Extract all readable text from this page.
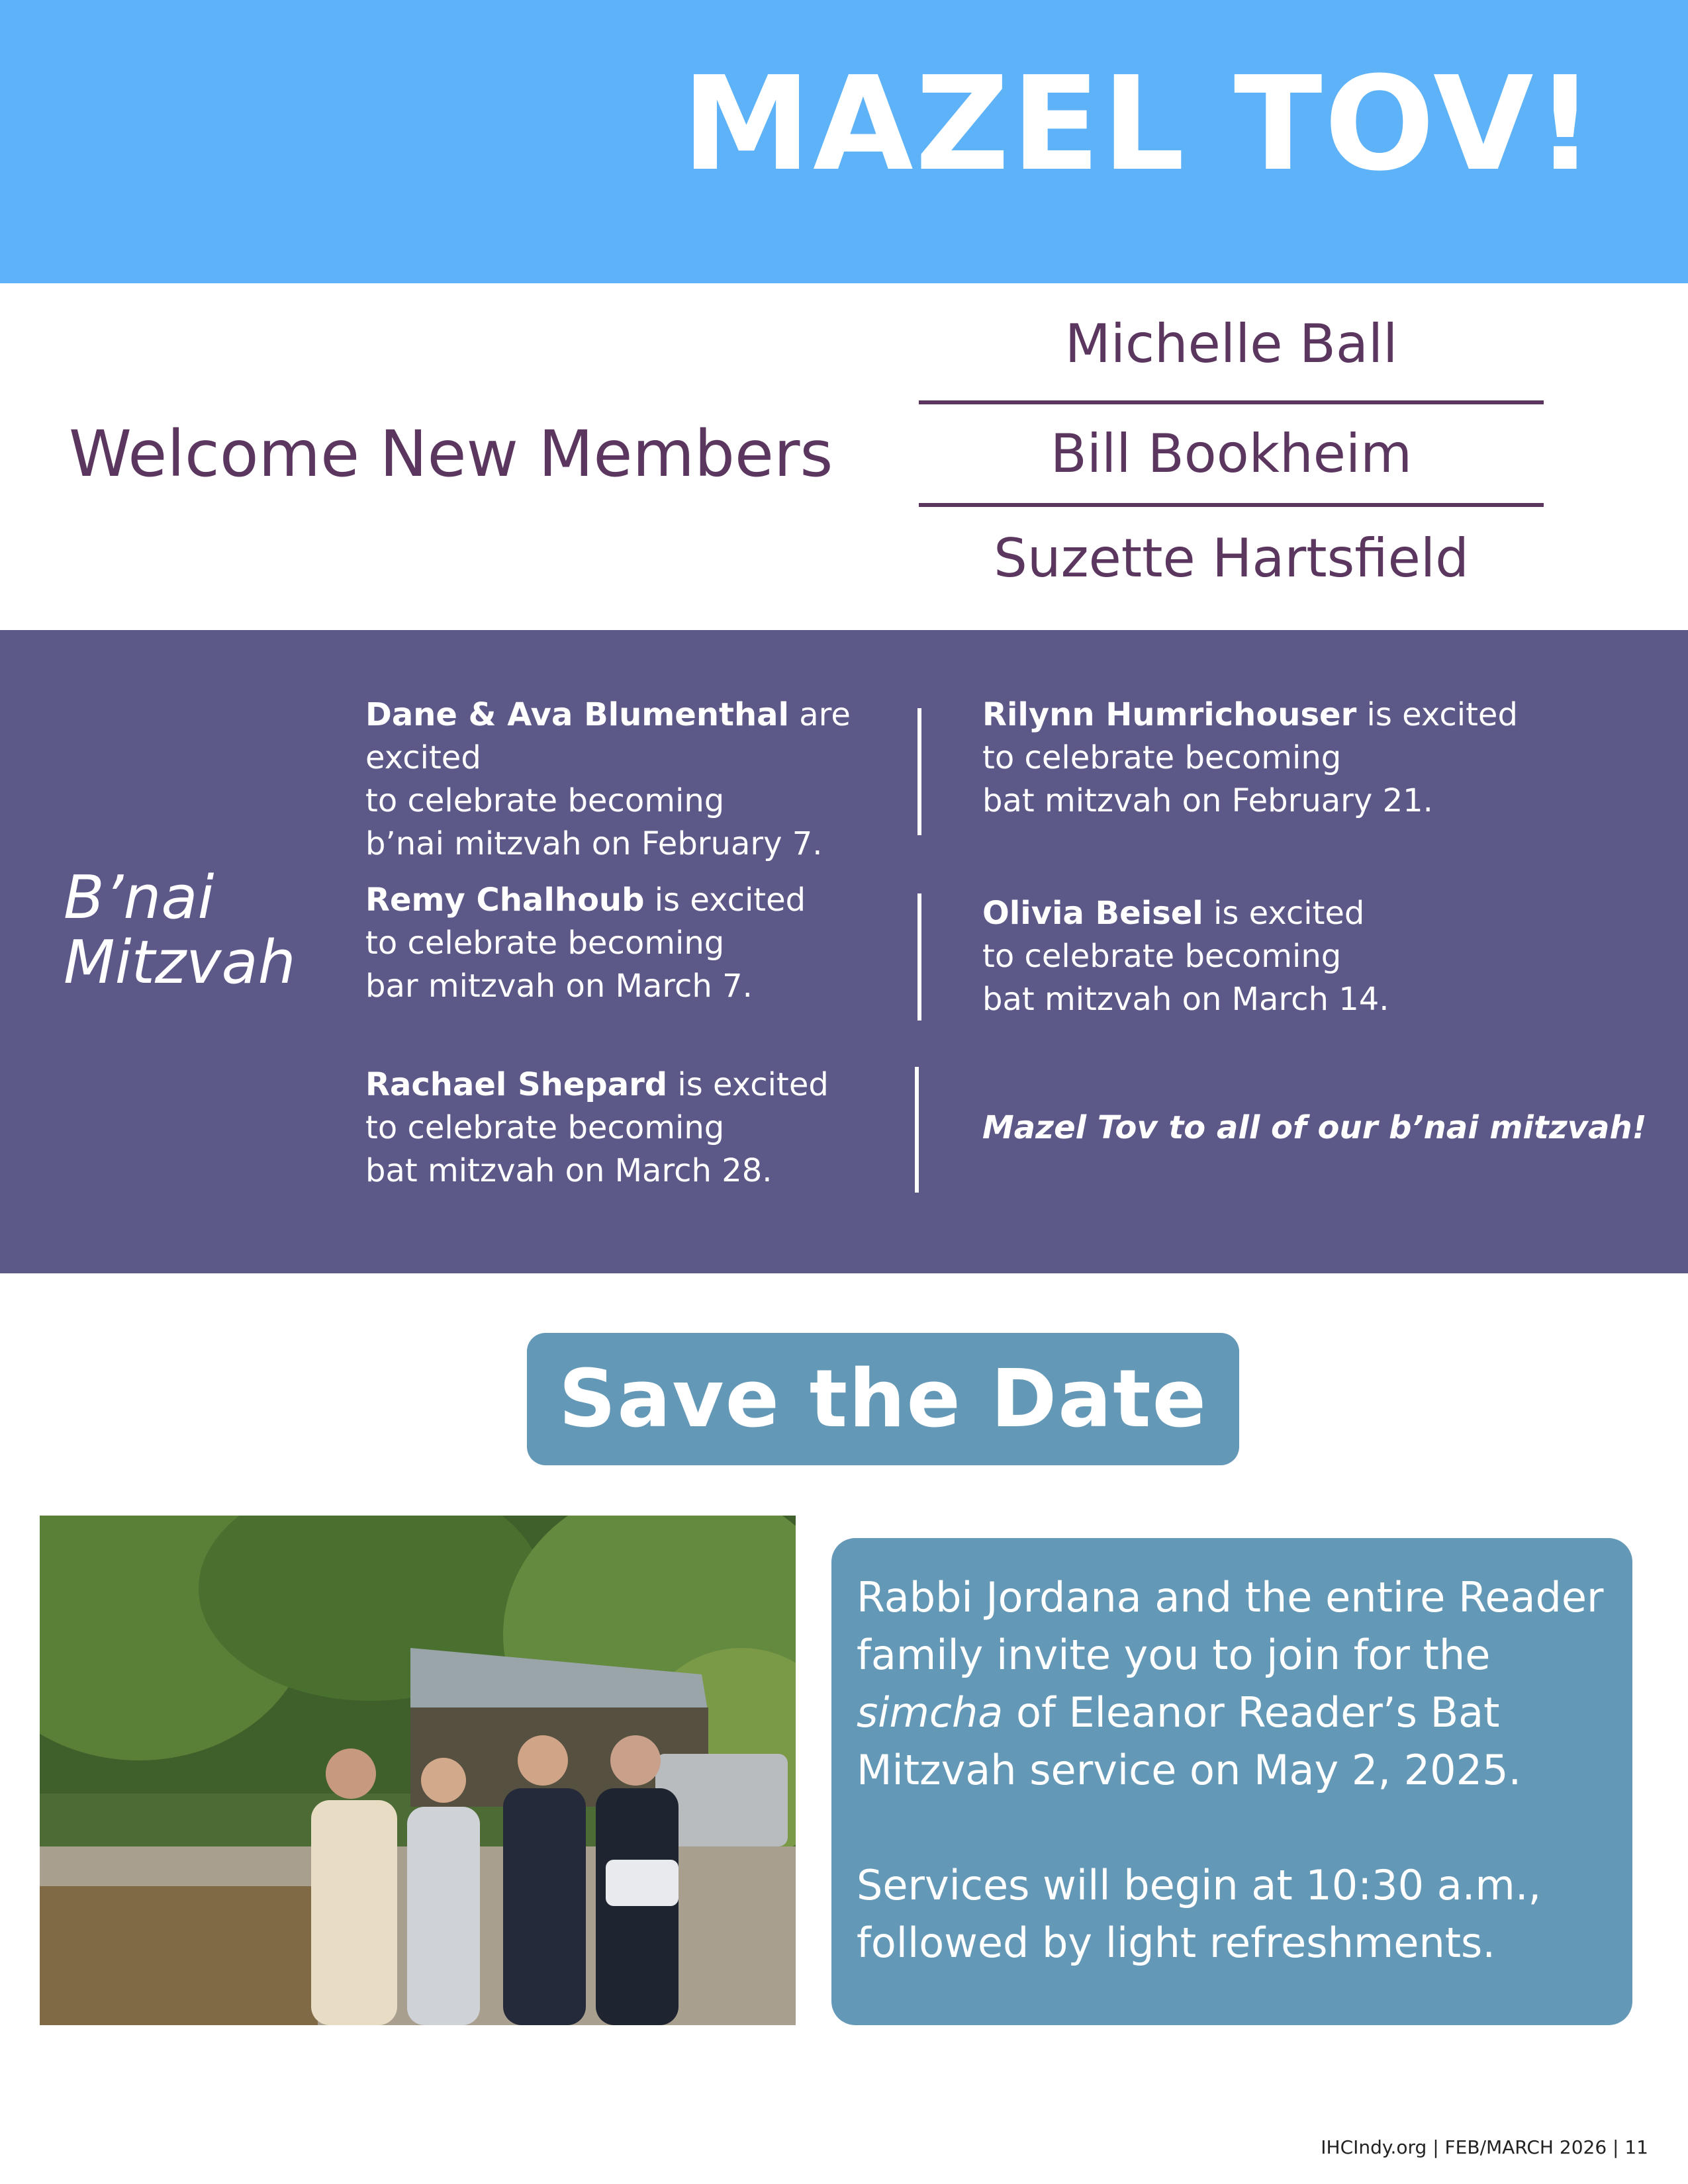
MAZEL TOV!
Welcome New Members
Michelle Ball
Bill Bookheim
Suzette Hartsfield
B’nai
Mitzvah
Dane & Ava Blumenthal are excited
to celebrate becoming
b’nai mitzvah on February 7.
Rilynn Humrichouser is excited
to celebrate becoming
bat mitzvah on February 21.
Remy Chalhoub is excited
to celebrate becoming
bar mitzvah on March 7.
Olivia Beisel is excited
to celebrate becoming
bat mitzvah on March 14.
Rachael Shepard is excited
to celebrate becoming
bat mitzvah on March 28.
Mazel Tov to all of our b’nai mitzvah!
Save the Date

Rabbi Jordana and the entire Reader family invite you to join for the simcha of Eleanor Reader’s Bat Mitzvah service on May 2, 2025.

Services will begin at 10:30 a.m., followed by light refreshments.

IHCIndy.org | FEB/MARCH 2026 | 11
